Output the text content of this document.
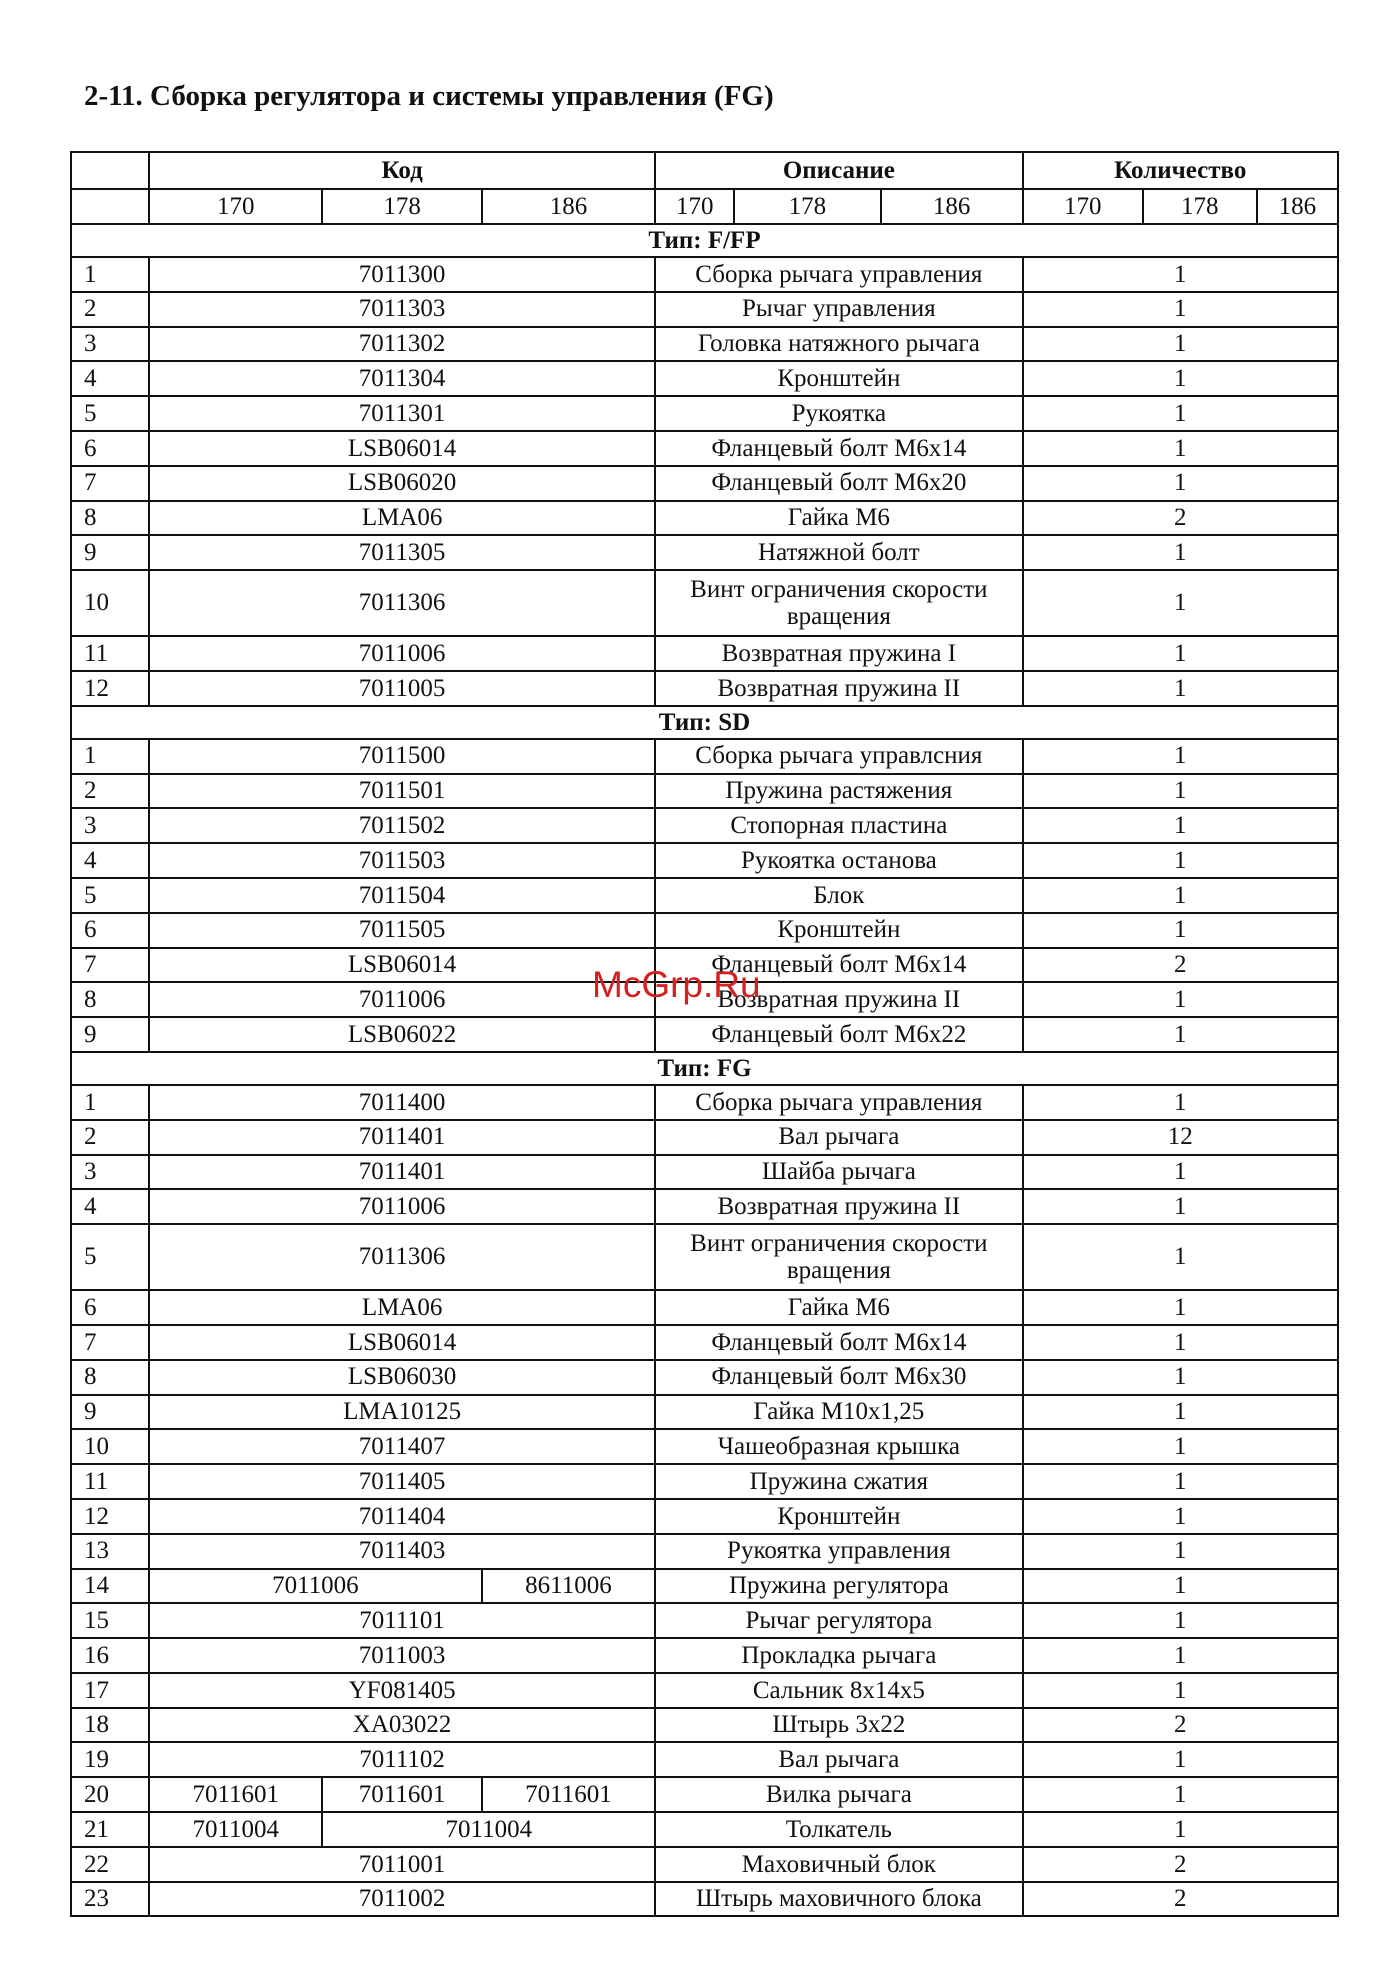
2-11. Сборка регулятора и системы управления (FG)
	Код			Описание			Количество		
	170	178	186	170	178	186	170	178	186
Тип: F/FP									
1	7011300			Сборка рычага управления			1		
2	7011303			Рычаг управления			1		
3	7011302			Головка натяжного рычага			1		
4	7011304			Кронштейн			1		
5	7011301			Рукоятка			1		
6	LSB06014			Фланцевый болт М6х14			1		
7	LSB06020			Фланцевый болт М6х20			1		
8	LMA06			Гайка М6			2		
9	7011305			Натяжной болт			1		
10	7011306			Винт ограничения скорости вращения			1		
11	7011006			Возвратная пружина I			1		
12	7011005			Возвратная пружина II			1		
Тип: SD									
1	7011500			Сборка рычага управлсния			1		
2	7011501			Пружина растяжения			1		
3	7011502			Стопорная пластина			1		
4	7011503			Рукоятка останова			1		
5	7011504			Блок			1		
6	7011505			Кронштейн			1		
7	LSB06014			Фланцевый болт М6х14			2		
8	7011006			Возвратная пружина II			1		
9	LSB06022			Фланцевый болт М6х22			1		
Тип: FG									
1	7011400			Сборка рычага управления			1		
2	7011401			Вал рычага			12		
3	7011401			Шайба рычага			1		
4	7011006			Возвратная пружина II			1		
5	7011306			Винт ограничения скорости вращения			1		
6	LMA06			Гайка М6			1		
7	LSB06014			Фланцевый болт М6х14			1		
8	LSB06030			Фланцевый болт М6х30			1		
9	LMA10125			Гайка М10х1,25			1		
10	7011407			Чашеобразная крышка			1		
11	7011405			Пружина сжатия			1		
12	7011404			Кронштейн			1		
13	7011403			Рукоятка управления			1		
14	7011006		8611006	Пружина регулятора			1		
15	7011101			Рычаг регулятора			1		
16	7011003			Прокладка рычага			1		
17	YF081405			Сальник 8х14х5			1		
18	XA03022			Штырь 3х22			2		
19	7011102			Вал рычага			1		
20	7011601	7011601	7011601	Вилка рычага			1		
21	7011004	7011004		Толкатель			1		
22	7011001			Маховичный блок			2		
23	7011002			Штырь маховичного блока			2		
McGrp.Ru
